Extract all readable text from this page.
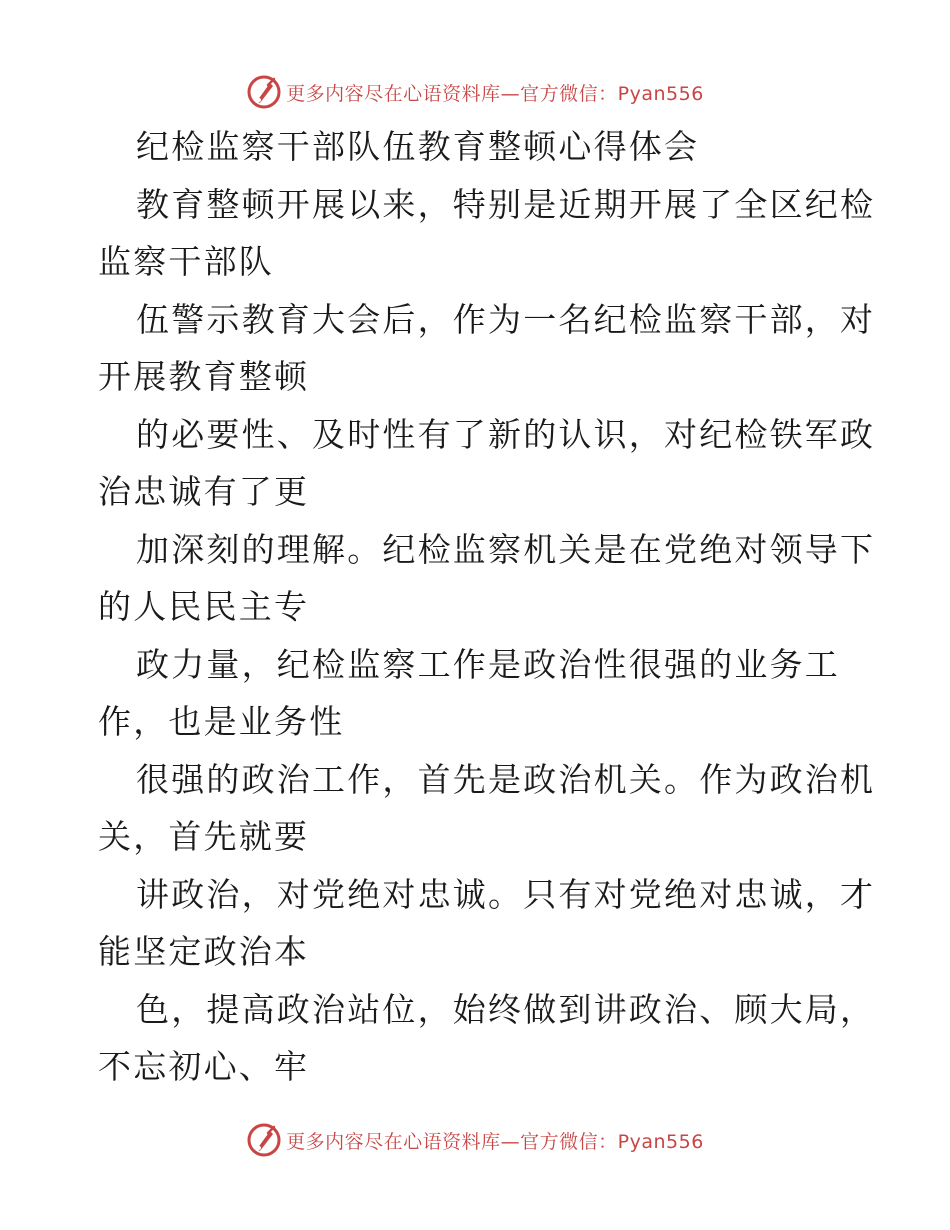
更多内容尽在心语资料库—官方微信：Pyan556
纪检监察干部队伍教育整顿心得体会
教育整顿开展以来，特别是近期开展了全区纪检
监察干部队
伍警示教育大会后，作为一名纪检监察干部，对
开展教育整顿
的必要性、及时性有了新的认识，对纪检铁军政
治忠诚有了更
加深刻的理解。纪检监察机关是在党绝对领导下
的人民民主专
政力量，纪检监察工作是政治性很强的业务工
作，也是业务性
很强的政治工作，首先是政治机关。作为政治机
关，首先就要
讲政治，对党绝对忠诚。只有对党绝对忠诚，才
能坚定政治本
色，提高政治站位，始终做到讲政治、顾大局，
不忘初心、牢
更多内容尽在心语资料库—官方微信：Pyan556
